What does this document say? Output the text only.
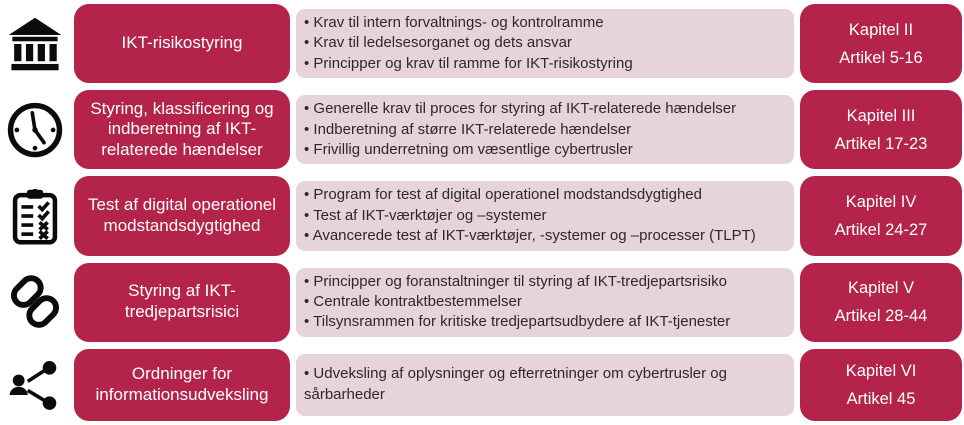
IKT-risikostyring
• Krav til intern forvaltnings- og kontrolramme
• Krav til ledelsesorganet og dets ansvar
• Principper og krav til ramme for IKT-risikostyring
Kapitel II
Artikel 5-16
Styring, klassificering og indberetning af IKT-relaterede hændelser
• Generelle krav til proces for styring af IKT-relaterede hændelser
• Indberetning af større IKT-relaterede hændelser
• Frivillig underretning om væsentlige cybertrusler
Kapitel III
Artikel 17-23
Test af digital operationel modstandsdygtighed
• Program for test af digital operationel modstandsdygtighed
• Test af IKT-værktøjer og –systemer
• Avancerede test af IKT-værktøjer, -systemer og –processer (TLPT)
Kapitel IV
Artikel 24-27
Styring af IKT-tredjepartsrisici
• Principper og foranstaltninger til styring af IKT-tredjepartsrisiko
• Centrale kontraktbestemmelser
• Tilsynsrammen for kritiske tredjepartsudbydere af IKT-tjenester
Kapitel V
Artikel 28-44
Ordninger for informationsudveksling
• Udveksling af oplysninger og efterretninger om cybertrusler og sårbarheder
Kapitel VI
Artikel 45
